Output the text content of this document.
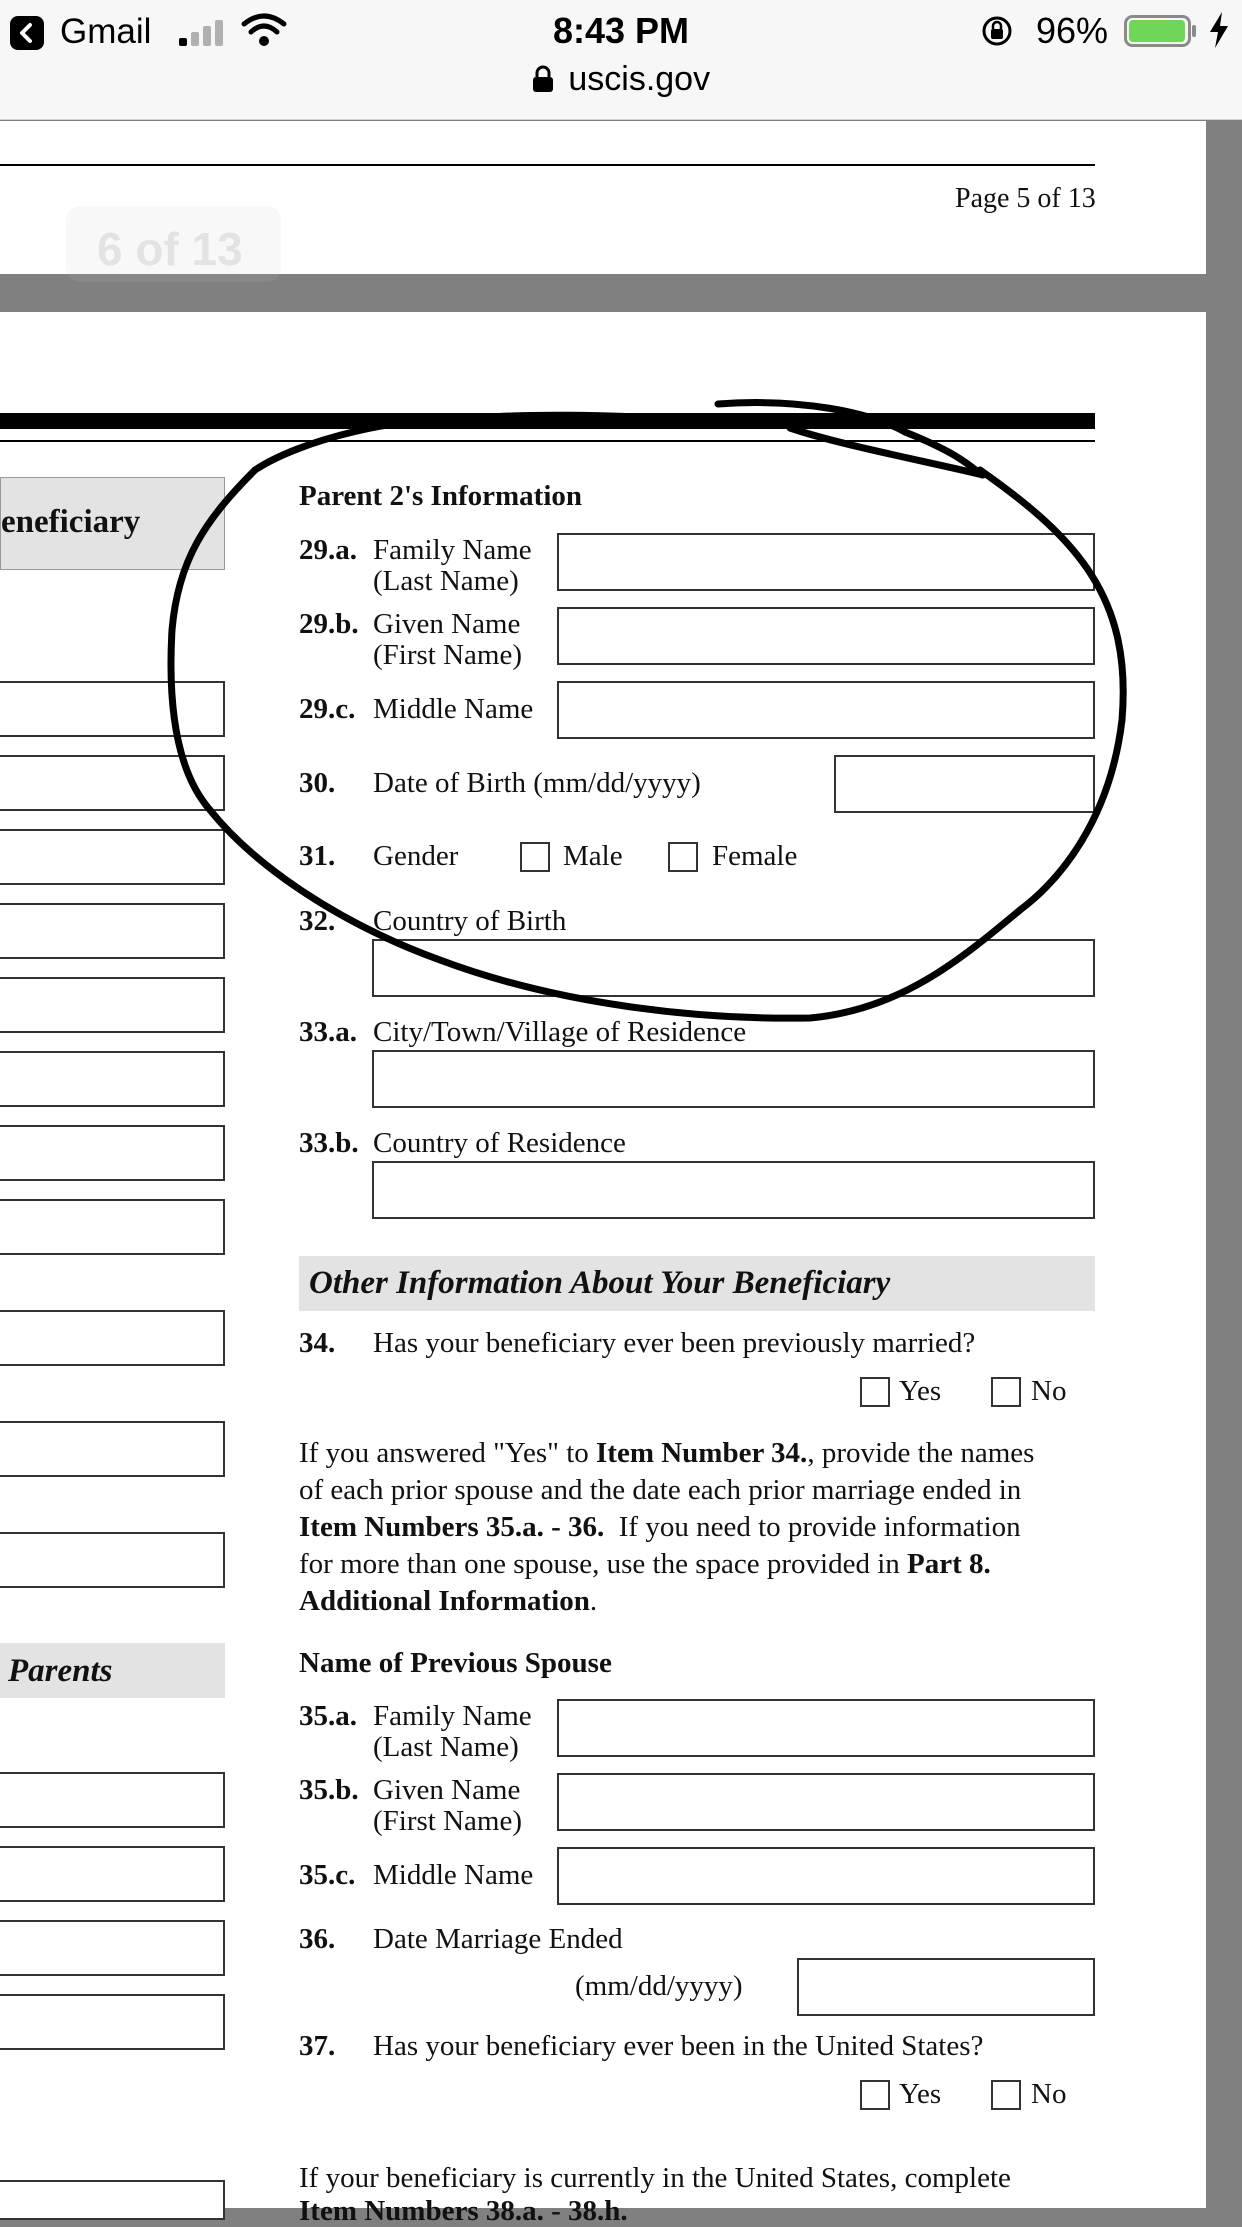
Gmail	8:43 PM
uscis.gov
96%
Page 5 of 13
6 of 13
eneficiary
Parents
Parent 2's Information
29.a. Family Name
(Last Name)
29.b. Given Name
(First Name)
29.c. Middle Name
30. Date of Birth (mm/dd/yyyy)
31. Gender	Male	Female
32. Country of Birth
33.a. City/Town/Village of Residence
33.b. Country of Residence
Other Information About Your Beneficiary
34. Has your beneficiary ever been previously married?
Yes	No
If you answered "Yes" to Item Number 34., provide the names
of each prior spouse and the date each prior marriage ended in
Item Numbers 35.a. - 36.  If you need to provide information
for more than one spouse, use the space provided in Part 8.
Additional Information.
Name of Previous Spouse
35.a. Family Name
(Last Name)
35.b. Given Name
(First Name)
35.c. Middle Name
36. Date Marriage Ended
(mm/dd/yyyy)
37. Has your beneficiary ever been in the United States?
Yes	No
If your beneficiary is currently in the United States, complete
Item Numbers 38.a. - 38.h.
